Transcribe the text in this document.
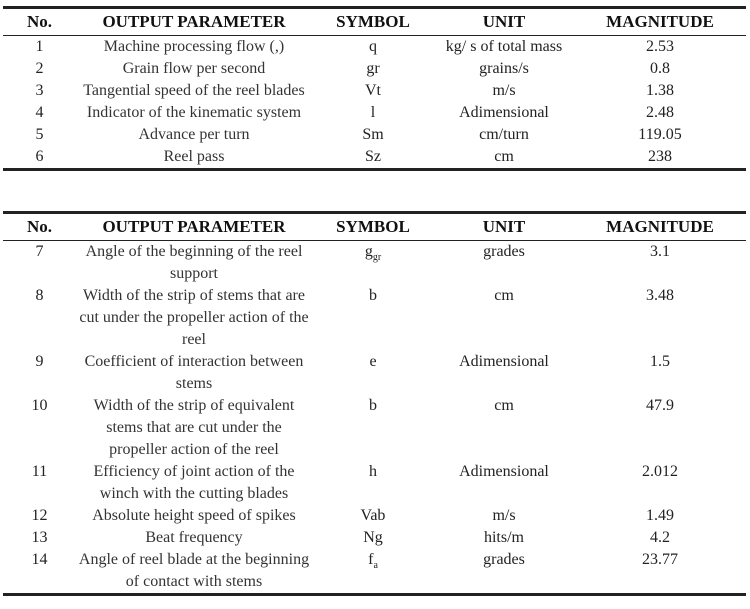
No.	OUTPUT PARAMETER	SYMBOL	UNIT	MAGNITUDE
1	Machine processing flow (,)	q	kg/ s of total mass	2.53
2	Grain flow per second	gr	grains/s	0.8
3	Tangential speed of the reel blades	Vt	m/s	1.38
4	Indicator of the kinematic system	l	Adimensional	2.48
5	Advance per turn	Sm	cm/turn	119.05
6	Reel pass	Sz	cm	238
No.	OUTPUT PARAMETER	SYMBOL	UNIT	MAGNITUDE
7	Angle of the beginning of the reel support	$g_{gr}$	grades	3.1
8	Width of the strip of stems that are cut under the propeller action of the reel	b	cm	3.48
9	Coefficient of interaction between stems	e	Adimensional	1.5
10	Width of the strip of equivalent stems that are cut under the propeller action of the reel	b	cm	47.9
11	Efficiency of joint action of the winch with the cutting blades	h	Adimensional	2.012
12	Absolute height speed of spikes	Vab	m/s	1.49
13	Beat frequency	Ng	hits/m	4.2
14	Angle of reel blade at the beginning of contact with stems	$f_a$	grades	23.77
